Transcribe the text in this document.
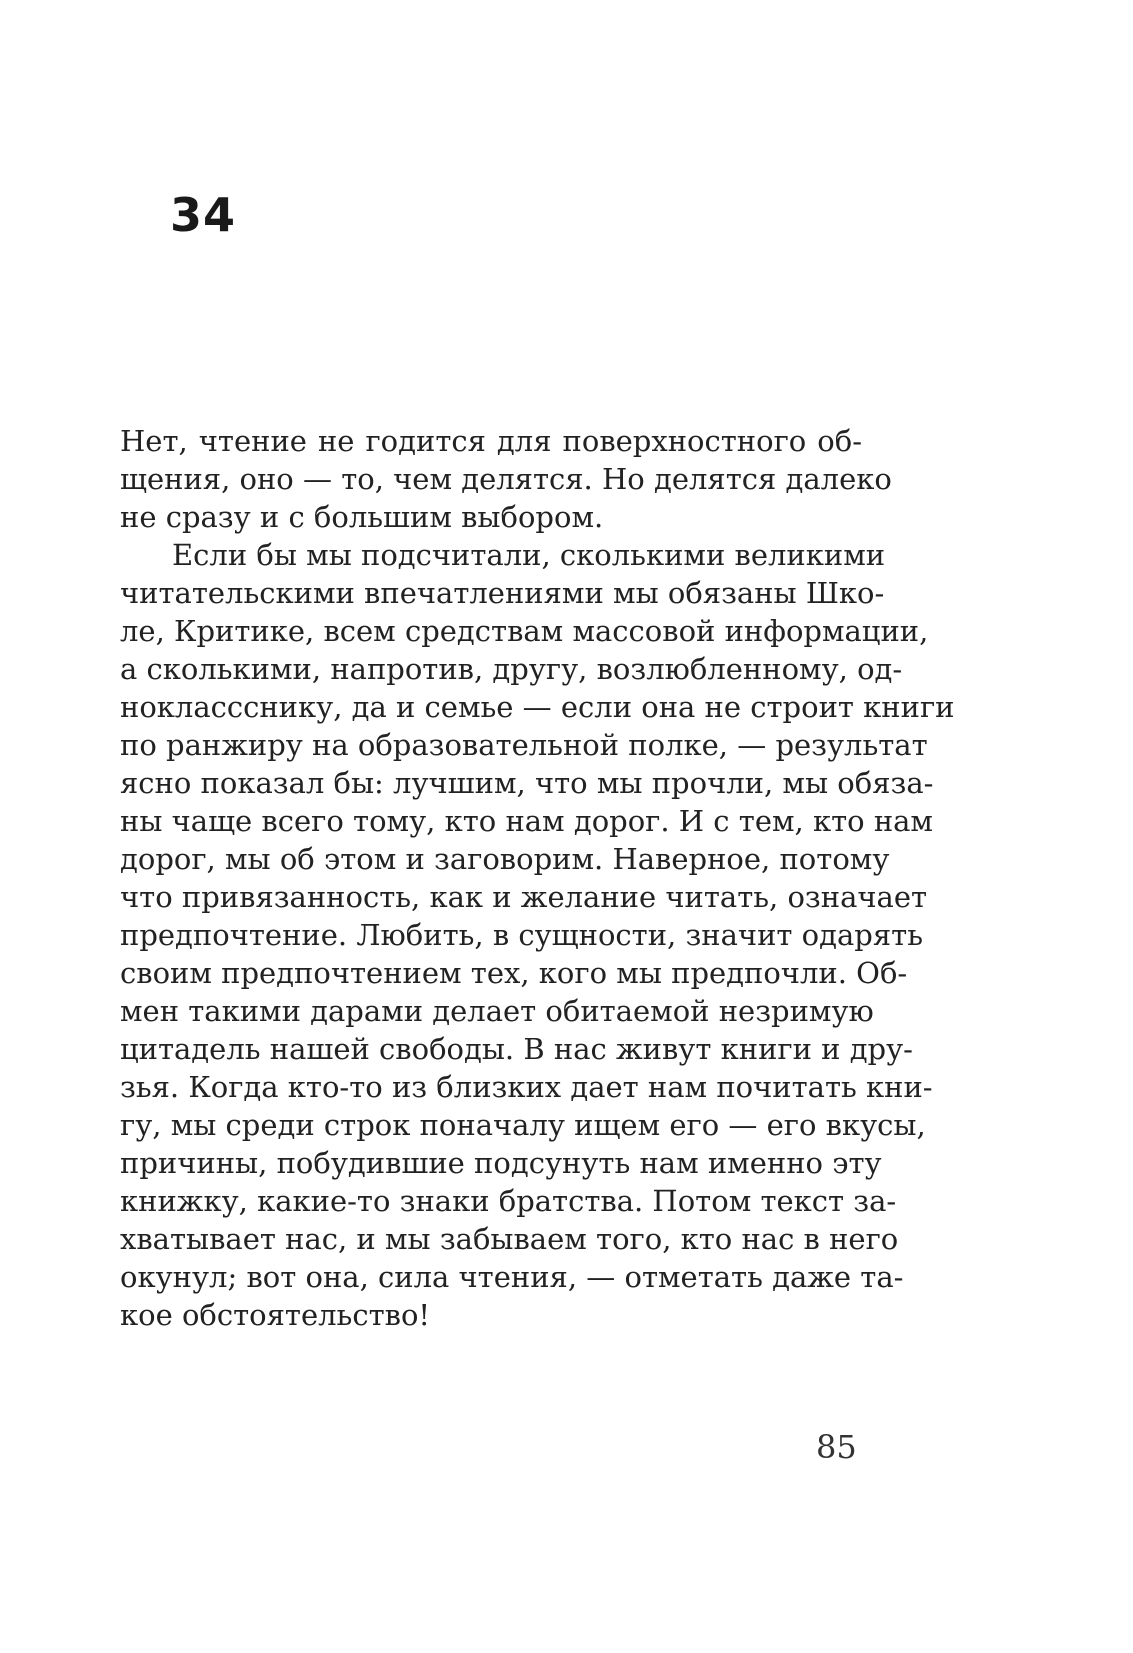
34
Нет, чтение не годится для поверхностного об-
щения, оно — то, чем делятся. Но делятся далеко
не сразу и с большим выбором.
Если бы мы подсчитали, сколькими великими
читательскими впечатлениями мы обязаны Шко-
ле, Критике, всем средствам массовой информации,
а сколькими, напротив, другу, возлюбленному, од-
ноклассснику, да и семье — если она не строит книги
по ранжиру на образовательной полке, — результат
ясно показал бы: лучшим, что мы прочли, мы обяза-
ны чаще всего тому, кто нам дорог. И с тем, кто нам
дорог, мы об этом и заговорим. Наверное, потому
что привязанность, как и желание читать, означает
предпочтение. Любить, в сущности, значит одарять
своим предпочтением тех, кого мы предпочли. Об-
мен такими дарами делает обитаемой незримую
цитадель нашей свободы. В нас живут книги и дру-
зья. Когда кто-то из близких дает нам почитать кни-
гу, мы среди строк поначалу ищем его — его вкусы,
причины, побудившие подсунуть нам именно эту
книжку, какие-то знаки братства. Потом текст за-
хватывает нас, и мы забываем того, кто нас в него
окунул; вот она, сила чтения, — отметать даже та-
кое обстоятельство!
85
